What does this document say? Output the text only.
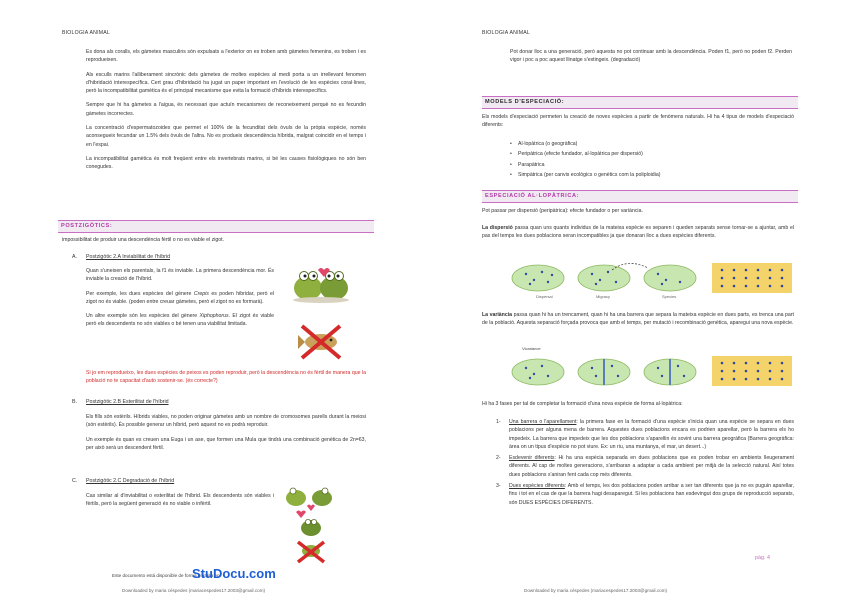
BIOLOGIA ANIMAL

Es dona als coralls, els gàmetes masculins són expulsats a l'exterior on es troben amb gàmetes femenins, es troben i es reprodueixen.

Als esculls marins l'alliberament sincrònic dels gàmetes de moltes espècies al medi porta a un irrellevant fenomen d'hibridació interespecífica. Cert grau d'hibridació ha jugat un paper important en l'evolució de les espècies coral·lines, però la incompatibilitat gamètica és el principal mecanisme que evita la formació d'híbrids interespecífics.

Sempre que hi ha gàmetes a l'aigua, és necessari que actuïn mecanismes de reconeixement perquè no es fecundin gàmetes incorrectes.

La concentració d'espermatozoides que permet el 100% de la fecunditat dels òvuls de la pròpia espècie, només aconsegueix fecundar un 1.5% dels òvuls de l'altra. No es produeix descendència híbrida, malgrat coincidir en el temps i en l'espai.

La incompatibilitat gamètica és molt freqüent entre els invertebrats marins, si bé les causes fisiològiques no són ben conegudes.

POSTZIGÒTICS:
impossibilitat de produir una descendència fèrtil o no es viable el zigot.
A. Postzigòtic 2.A Inviabilitat de l'híbrid

Quan s'uneixen els parentals, la f1 és inviable. La primera descendència mor. És inviable la creació de l'híbrid.

Per exemple, les dues espècies del gènere Crepis es poden hibridar, però el zigot no és viable. (poden entre creuar gàmetes, però el zigot no es formarà).

Un altre exemple són les espècies del gènere Xiphophorus. El zigot és viable però els descendents no són viables o bé tenen una viabilitat limitada.

Si jo em reprodueixo, les dues espècies de peixos es poden reproduir, però la descendència no és fèrtil de manera que la població no te capacitat d'auto sostenir-se. (és correcte?)
B. Postzigòtic 2.B Esterilitat de l'híbrid

Els fills són estèrils. Híbrids viables, no poden originar gàmetes amb un nombre de cromosomes parells durant la meiosi (són estèrils). És possible generar un híbrid, però aquest no es podrà reproduir.

Un exemple és quan es creuen una Euga i un ase, que formen una Mula que tindrà una combinació genètica de 2n=63, per això serà un descendent fèrtil.

C. Postzigòtic 2.C Degradació de l'híbrid

Cas similar al d'inviabilitat o esterilitat de l'híbrid. Els descendents són viables i fèrtils, però la següent generació és no viable o infèrtil.

Este documento está disponible de forma gratuita en
StuDocu.com
Downloaded by maria céspedes (mariacespedes17.2003@gmail.com)
BIOLOGIA ANIMAL
Pot donar lloc a una generació, però aquesta no pot continuar amb la descendència. Poden f1, però no poden f2. Perden vigor i poc a poc aquest llinatge s'extingeix. (degradació)
MODELS D'ESPECIACIÓ:
Els models d'especiació permeten la creació de noves espècies a partir de fenòmens naturals. Hi ha 4 tipus de models d'especiació diferents:
• Al·lopàtrica (o geogràfica)
• Peripàtrica (efecte fundador, al·lopàtrica per dispersió)
• Parapàtrica
• Simpàtrica (per canvis ecològics o genètics com la poliploidia)
ESPECIACIÓ AL·LOPÀTRICA:
Pot passar per dispersió (peripàtrica): efecte fundador o per variància.
La dispersió passa quan uns quants individus de la mateixa espècie es separen i queden separats sense tornar-se a ajuntar, amb el pas del temps les dues poblacions seran incompatibles ja que donaran lloc a dues espècies diferents.
Dispersal	Migracy	Species
La variància passa quan hi ha un trencament, quan hi ha una barrera que separa la mateixa espècie en dues parts, es trenca una part de la població. Aquesta separació forçada provoca que amb el temps, per mutació i recombinació genètica, aparegui una nova espècie.
Vicariance
Hi ha 3 fases per tal de completar la formació d'una nova espècie de forma al·lopàtrica:
1- Una barrera o l'aparellament: la primera fase en la formació d'una espècie s'inicia quan una espècie se separa en dues poblacions per alguna mena de barrera. Aquestes dues poblacions encara es podrien aparellar, però la barrera els ho impedeix. La barrera que impedeix que les dos poblacions s'aparellin és sovint una barrera geogràfica (Barrera geogràfica: àrea on un tipus d'espècie no pot viure. Ex: un riu, una muntanya, el mar, un desert...)
2- Esdevenir diferents: Hi ha una espècia separada en dues poblacions que es poden trobar en ambients lleugerament diferents. Al cap de moltes generacions, s'arribaran a adaptar a cada ambient per mitjà de la selecció natural. Així totes dues poblacions s'aniran fent cada cop més diferents.
3- Dues espècies diferents: Amb el temps, les dos poblacions poden arribar a ser tan diferents que ja no es puguin aparellar, fins i tot en el cas de que la barrera hagi desaparegut. Si les poblacions han esdevingut dos grups de reproducció separats, són DUES ESPÈCIES DIFERENTS.
Downloaded by maria céspedes (mariacespedes17.2003@gmail.com)
pàg. 4
